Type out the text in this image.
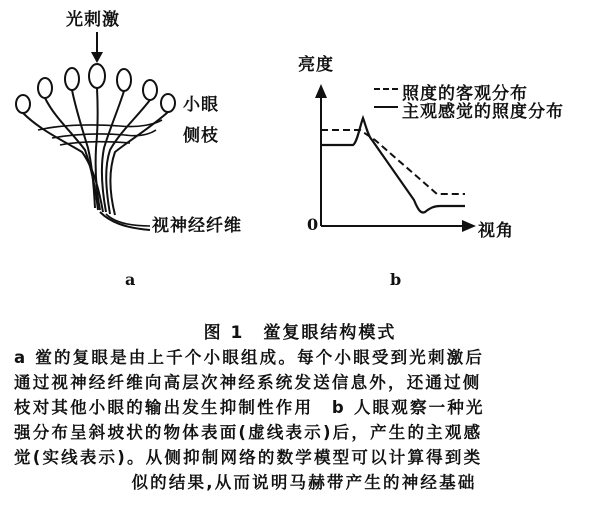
光刺激
小眼
侧枝
视神经纤维
a
亮度
照度的客观分布
主观感觉的照度分布
0	视角
b
图 1　鲎复眼结构模式
a 鲎的复眼是由上千个小眼组成。每个小眼受到光刺激后
通过视神经纤维向高层次神经系统发送信息外，还通过侧
枝对其他小眼的输出发生抑制性作用　b 人眼观察一种光
强分布呈斜坡状的物体表面(虚线表示)后，产生的主观感
觉(实线表示)。从侧抑制网络的数学模型可以计算得到类
似的结果,从而说明马赫带产生的神经基础
